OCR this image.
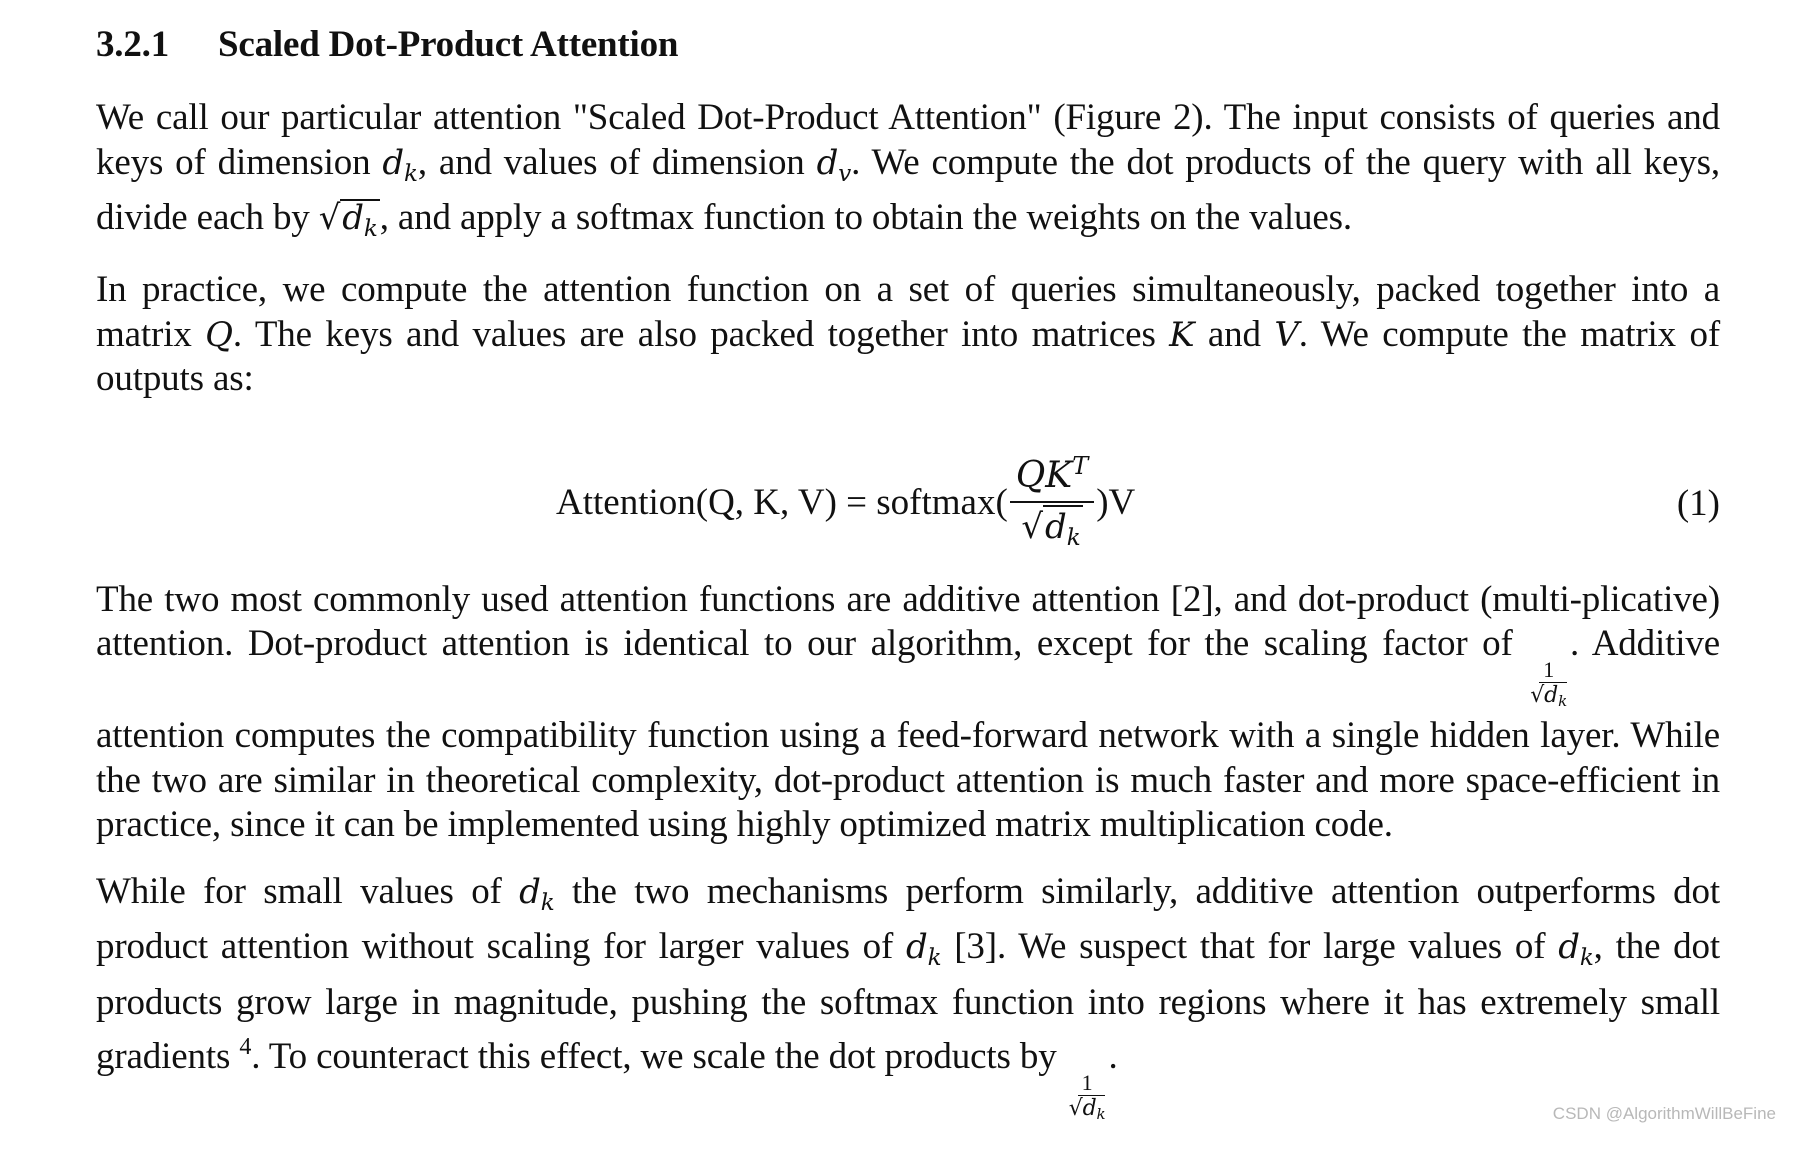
3.2.1 Scaled Dot-Product Attention

We call our particular attention "Scaled Dot-Product Attention" (Figure 2). The input consists of queries and keys of dimension $d_k$, and values of dimension $d_v$. We compute the dot products of the query with all keys, divide each by $√d_k$, and apply a softmax function to obtain the weights on the values.

In practice, we compute the attention function on a set of queries simultaneously, packed together into a matrix Q. The keys and values are also packed together into matrices K and V. We compute the matrix of outputs as:

Attention(Q, K, V) = softmax( $\frac{QK^T}{√d_k} )V$	(1)

The two most commonly used attention functions are additive attention [2], and dot-product (multi-plicative) attention. Dot-product attention is identical to our algorithm, except for the scaling factor of
$\frac{1}{√dk}$
. Additive attention computes the compatibility function using a feed-forward network with a single hidden layer. While the two are similar in theoretical complexity, dot-product attention is much faster and more space-efficient in practice, since it can be implemented using highly optimized matrix multiplication code.

While for small values of $d_k$ the two mechanisms perform similarly, additive attention outperforms dot product attention without scaling for larger values of $d_k$ [3]. We suspect that for large values of $d_k$, the dot products grow large in magnitude, pushing the softmax function into regions where it has extremely small gradients $^4$. To counteract this effect, we scale the dot products by
$\frac{1}{√dk}$
.

CSDN @AlgorithmWillBeFine
